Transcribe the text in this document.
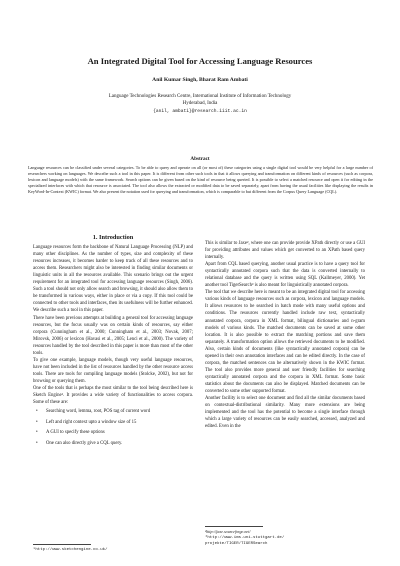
An Integrated Digital Tool for Accessing Language Resources
Anil Kumar Singh, Bharat Ram Ambati
Language Technologies Research Centre, International Institute of Information Technology
Hyderabad, India
{anil, ambati}@research.iiit.ac.in
Abstract
Language resources can be classified under several categories. To be able to query and operate on all (or most of) these categories using a single digital tool would be very helpful for a large number of researchers working on languages. We describe such a tool in this paper. It is different from other such tools in that it allows querying and transformation on different kinds of resources (such as corpora, lexicon and language models) with the same framework. Search options can be given based on the kind of resource being queried. It is possible to select a matched resource and open it for editing in the specialized interfaces with which that resource is associated. The tool also allows the extracted or modified data to be saved separately, apart from having the usual facilities like displaying the results in KeyWord-In-Context (KWIC) format. We also present the notation used for querying and transformation, which is comparable to but different from the Corpus Query Language (CQL).
1. Introduction

Language resources form the backbone of Natural Language Processing (NLP) and many other disciplines. As the number of types, size and complexity of these resources increases, it becomes harder to keep track of all these resources and to access them. Researchers might also be interested in finding similar documents or linguistic units in all the resources available. This scenario brings out the urgent requirement for an integrated tool for accessing language resources (Singh, 2006). Such a tool should not only allow search and browsing, it should also allow them to be transformed in various ways, either in place or via a copy. If this tool could be connected to other tools and interfaces, then its usefulness will be further enhanced. We describe such a tool in this paper.

There have been previous attempts at building a general tool for accessing language resources, but the focus usually was on certain kinds of resources, say either corpora (Cunningham et al., 2000; Cunningham et al., 2003; Novak, 2007; Mirovsk, 2006) or lexicon (Havasi et al., 2005; Lenci et al., 2000). The variety of resources handled by the tool described in this paper is more than most of the other tools.

To give one example, language models, though very useful language resources, have not been included in the list of resources handled by the other resource access tools. There are tools for compiling language models (Stolcke, 2002), but not for browsing or querying them.

One of the tools that is perhaps the most similar to the tool being described here is Sketch Engine¹. It provides a wide variety of functionalities to access corpora. Some of these are:

• Searching word, lemma, root, POS tag of current word
• Left and right context upto a window size of 15
• A GUI to specify these options
• One can also directly give a CQL query.
¹http://www.sketchengine.co.uk/

This is similar to Jaxe², where one can provide provide XPath directly or use a GUI for providing attributes and values which get converted to an XPath based query internally.

Apart from CQL based querying, another usual practice is to have a query tool for syntactically annotated corpora such that the data is converted internally to relational database and the query is written using SQL (Kallmeyer, 2000). Yet another tool TigerSearch³ is also meant for linguistically annotated corpora.

The tool that we describe here is meant to be an integrated digital tool for accessing various kinds of language resources such as corpora, lexicon and language models. It allows resources to be searched in batch mode with many useful options and conditions. The resources currently handled include raw text, syntactically annotated corpora, corpora in XML format, bilingual dictionaries and n-gram models of various kinds. The matched documents can be saved at some other location. It is also possible to extract the matching portions and save them separately. A transformation option allows the retrieved documents to be modified. Also, certain kinds of documents (like syntactically annotated corpora) can be opened in their own annotation interfaces and can be edited directly. In the case of corpora, the matched sentences can be alternatively shown in the KWIC format. The tool also provides more general and user friendly facilities for searching syntactically annotated corpora and the corpora in XML format. Some basic statistics about the documents can also be displayed. Matched documents can be converted to some other supported format.

Another facility is to select one document and find all the similar documents based on contextual-distributional similarity. Many more extensions are being implemented and the tool has the potential to become a single interface through which a large variety of resources can be easily searched, accessed, analyzed and edited. Even in the

²http://jaxe.sourceforge.net/
³http://www.ims.uni-stuttgart.de/
projekte/TIGER/TIGERSearch
